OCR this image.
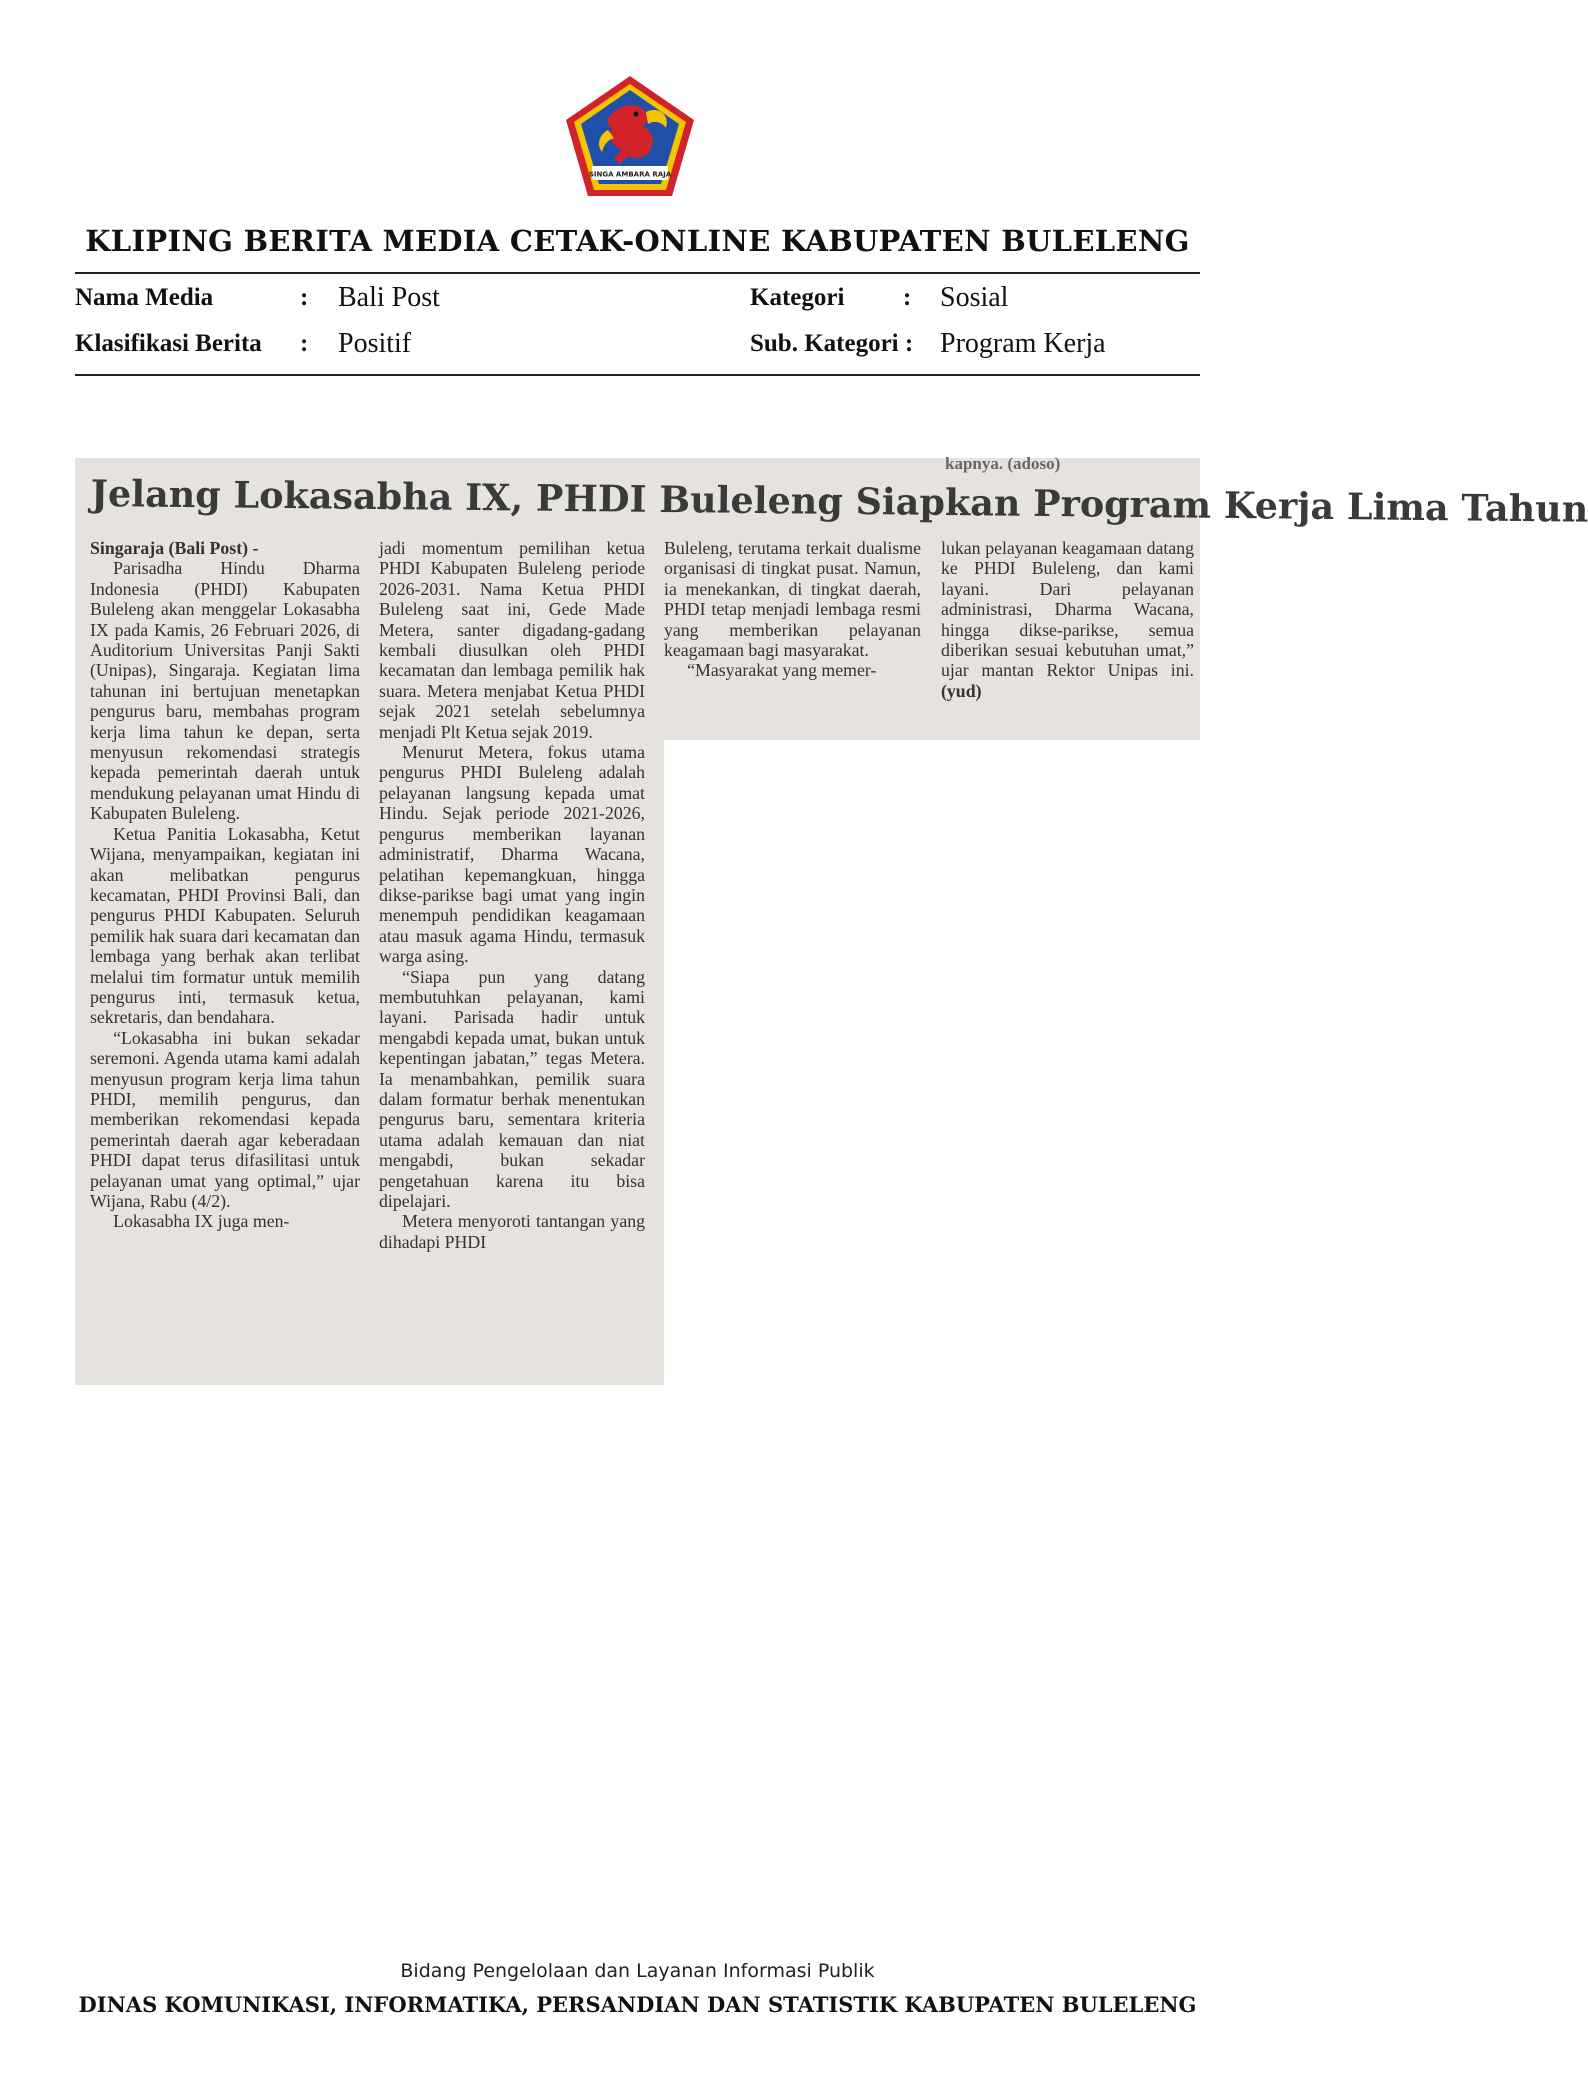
SINGA AMBARA RAJA
KLIPING BERITA MEDIA CETAK-ONLINE KABUPATEN BULELENG
Nama Media	: Bali Post	Kategori : Sosial
Klasifikasi Berita : Positif	Sub. Kategori : Program Kerja
kapnya. (adoso)
Jelang Lokasabha IX, PHDI Buleleng Siapkan Program Kerja Lima Tahun

Singaraja (Bali Post) -

Parisadha Hindu Dharma Indonesia (PHDI) Kabupaten Buleleng akan menggelar Lokasabha IX pada Kamis, 26 Februari 2026, di Auditorium Universitas Panji Sakti (Unipas), Singaraja. Kegiatan lima tahunan ini bertujuan menetapkan pengurus baru, membahas program kerja lima tahun ke depan, serta menyusun rekomendasi strategis kepada pemerintah daerah untuk mendukung pelayanan umat Hindu di Kabupaten Buleleng.

Ketua Panitia Lokasabha, Ketut Wijana, menyampaikan, kegiatan ini akan melibatkan pengurus kecamatan, PHDI Provinsi Bali, dan pengurus PHDI Kabupaten. Seluruh pemilik hak suara dari kecamatan dan lembaga yang berhak akan terlibat melalui tim formatur untuk memilih pengurus inti, termasuk ketua, sekretaris, dan bendahara.

“Lokasabha ini bukan sekadar seremoni. Agenda utama kami adalah menyusun program kerja lima tahun PHDI, memilih pengurus, dan memberikan rekomendasi kepada pemerintah daerah agar keberadaan PHDI dapat terus difasilitasi untuk pelayanan umat yang optimal,” ujar Wijana, Rabu (4/2).

Lokasabha IX juga men-

jadi momentum pemilihan ketua PHDI Kabupaten Buleleng periode 2026-2031. Nama Ketua PHDI Buleleng saat ini, Gede Made Metera, santer digadang-gadang kembali diusulkan oleh PHDI kecamatan dan lembaga pemilik hak suara. Metera menjabat Ketua PHDI sejak 2021 setelah sebelumnya menjadi Plt Ketua sejak 2019.

Menurut Metera, fokus utama pengurus PHDI Buleleng adalah pelayanan langsung kepada umat Hindu. Sejak periode 2021-2026, pengurus memberikan layanan administratif, Dharma Wacana, pelatihan kepemangkuan, hingga dikse-parikse bagi umat yang ingin menempuh pendidikan keagamaan atau masuk agama Hindu, termasuk warga asing.

“Siapa pun yang datang membutuhkan pelayanan, kami layani. Parisada hadir untuk mengabdi kepada umat, bukan untuk kepentingan jabatan,” tegas Metera. Ia menambahkan, pemilik suara dalam formatur berhak menentukan pengurus baru, sementara kriteria utama adalah kemauan dan niat mengabdi, bukan sekadar pengetahuan karena itu bisa dipelajari.

Metera menyoroti tantangan yang dihadapi PHDI

Buleleng, terutama terkait dualisme organisasi di tingkat pusat. Namun, ia menekankan, di tingkat daerah, PHDI tetap menjadi lembaga resmi yang memberikan pelayanan keagamaan bagi masyarakat.

“Masyarakat yang memer-

lukan pelayanan keagamaan datang ke PHDI Buleleng, dan kami layani. Dari pelayanan administrasi, Dharma Wacana, hingga dikse-parikse, semua diberikan sesuai kebutuhan umat,” ujar mantan Rektor Unipas ini. (yud)

Bidang Pengelolaan dan Layanan Informasi Publik
DINAS KOMUNIKASI, INFORMATIKA, PERSANDIAN DAN STATISTIK KABUPATEN BULELENG
